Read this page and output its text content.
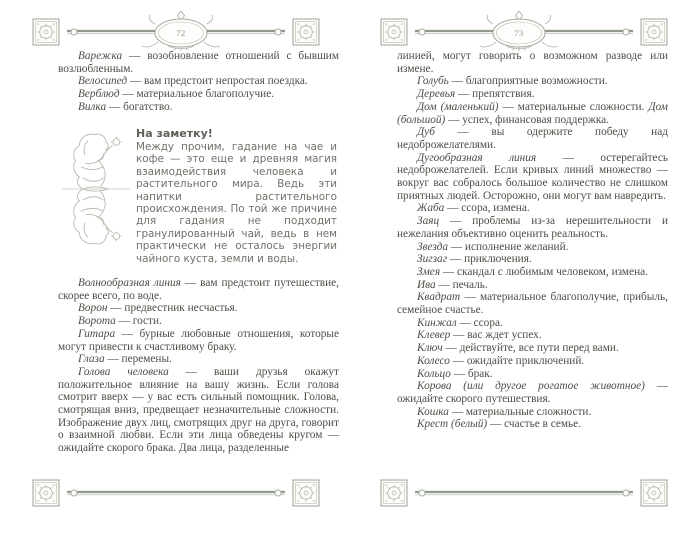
72

Варежка — возобновление отношений с бывшим возлюбленным.

Велосипед — вам предстоит непростая поездка.

Верблюд — материальное благополучие.

Вилка — богатство.

На заметку!

Между прочим, гадание на чае и кофе — это еще и древняя магия взаимодействия человека и растительного мира. Ведь эти напитки растительного происхождения. По той же причине для гадания не подходит гранулированный чай, ведь в нем практически не осталось энергии чайного куста, земли и воды.

Волнообразная линия — вам предстоит путешествие, скорее всего, по воде.

Ворон — предвестник несчастья.

Ворота — гости.

Гитара — бурные любовные отношения, которые могут привести к счастливому браку.

Глаза — перемены.

Голова человека — ваши друзья окажут положительное влияние на вашу жизнь. Если голова смотрит вверх — у вас есть сильный помощник. Голова, смотрящая вниз, предвещает незначительные сложности. Изображение двух лиц, смотрящих друг на друга, говорит о взаимной любви. Если эти лица обведены кругом — ожидайте скорого брака. Два лица, разделенные

73

линией, могут говорить о возможном разводе или измене.

Голубь — благоприятные возможности.

Деревья — препятствия.

Дом (маленький) — материальные сложности. Дом (большой) — успех, финансовая поддержка.

Дуб — вы одержите победу над недоброжелателями.

Дугообразная линия — остерегайтесь недоброжелателей. Если кривых линий множество — вокруг вас собралось большое количество не слишком приятных людей. Осторожно, они могут вам навредить.

Жаба — ссора, измена.

Заяц — проблемы из-за нерешительности и нежелания объективно оценить реальность.

Звезда — исполнение желаний.

Зигзаг — приключения.

Змея — скандал с любимым человеком, измена.

Ива — печаль.

Квадрат — материальное благополучие, прибыль, семейное счастье.

Кинжал — ссора.

Клевер — вас ждет успех.

Ключ — действуйте, все пути перед вами.

Колесо — ожидайте приключений.

Кольцо — брак.

Корова (или другое рогатое животное) — ожидайте скорого путешествия.

Кошка — материальные сложности.

Крест (белый) — счастье в семье.
